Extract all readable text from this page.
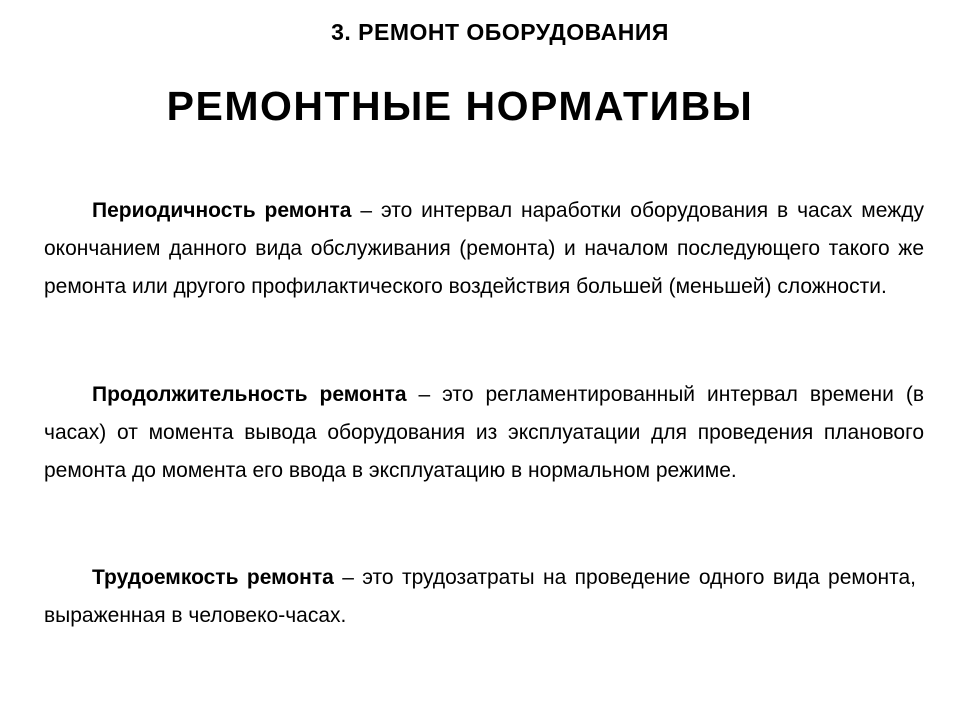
3. РЕМОНТ ОБОРУДОВАНИЯ
РЕМОНТНЫЕ НОРМАТИВЫ

Периодичность ремонта – это интервал наработки оборудования в часах между окончанием данного вида обслуживания (ремонта) и началом последующего такого же ремонта или другого профилактического воздействия большей (меньшей) сложности.

Продолжительность ремонта – это регламентированный интервал времени (в часах) от момента вывода оборудования из эксплуатации для проведения планового ремонта до момента его ввода в эксплуатацию в нормальном режиме.

Трудоемкость ремонта – это трудозатраты на проведение одного вида ремонта, выраженная в человеко-часах.
